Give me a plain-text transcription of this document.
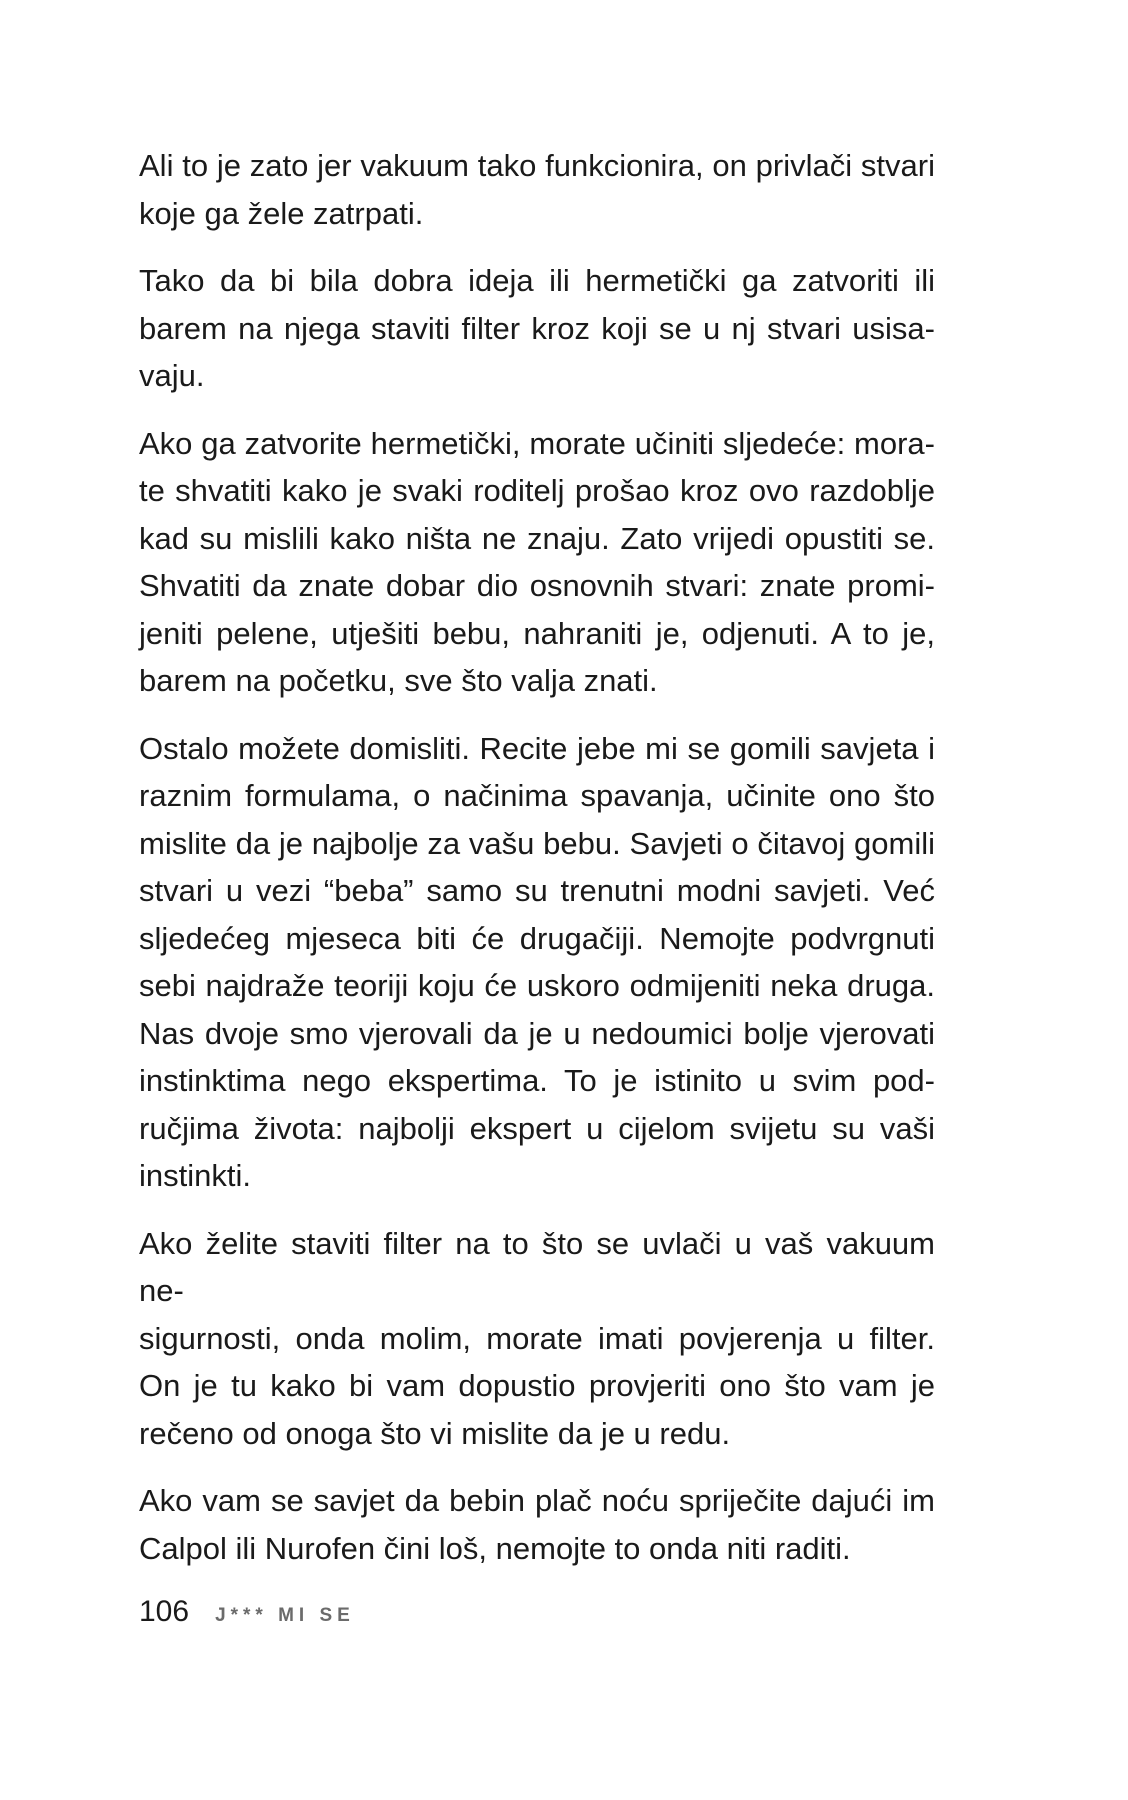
Ali to je zato jer vakuum tako funkcionira, on privlači stvari
koje ga žele zatrpati.

Tako da bi bila dobra ideja ili hermetički ga zatvoriti ili
barem na njega staviti filter kroz koji se u nj stvari usisa-
vaju.

Ako ga zatvorite hermetički, morate učiniti sljedeće: mora-
te shvatiti kako je svaki roditelj prošao kroz ovo razdoblje
kad su mislili kako ništa ne znaju. Zato vrijedi opustiti se.
Shvatiti da znate dobar dio osnovnih stvari: znate promi-
jeniti pelene, utješiti bebu, nahraniti je, odjenuti. A to je,
barem na početku, sve što valja znati.

Ostalo možete domisliti. Recite jebe mi se gomili savjeta i
raznim formulama, o načinima spavanja, učinite ono što
mislite da je najbolje za vašu bebu. Savjeti o čitavoj gomili
stvari u vezi “beba” samo su trenutni modni savjeti. Već
sljedećeg mjeseca biti će drugačiji. Nemojte podvrgnuti
sebi najdraže teoriji koju će uskoro odmijeniti neka druga.
Nas dvoje smo vjerovali da je u nedoumici bolje vjerovati
instinktima nego ekspertima. To je istinito u svim pod-
ručjima života: najbolji ekspert u cijelom svijetu su vaši
instinkti.

Ako želite staviti filter na to što se uvlači u vaš vakuum ne-
sigurnosti, onda molim, morate imati povjerenja u filter.
On je tu kako bi vam dopustio provjeriti ono što vam je
rečeno od onoga što vi mislite da je u redu.

Ako vam se savjet da bebin plač noću spriječite dajući im
Calpol ili Nurofen čini loš, nemojte to onda niti raditi.

106 J*** MI SE
